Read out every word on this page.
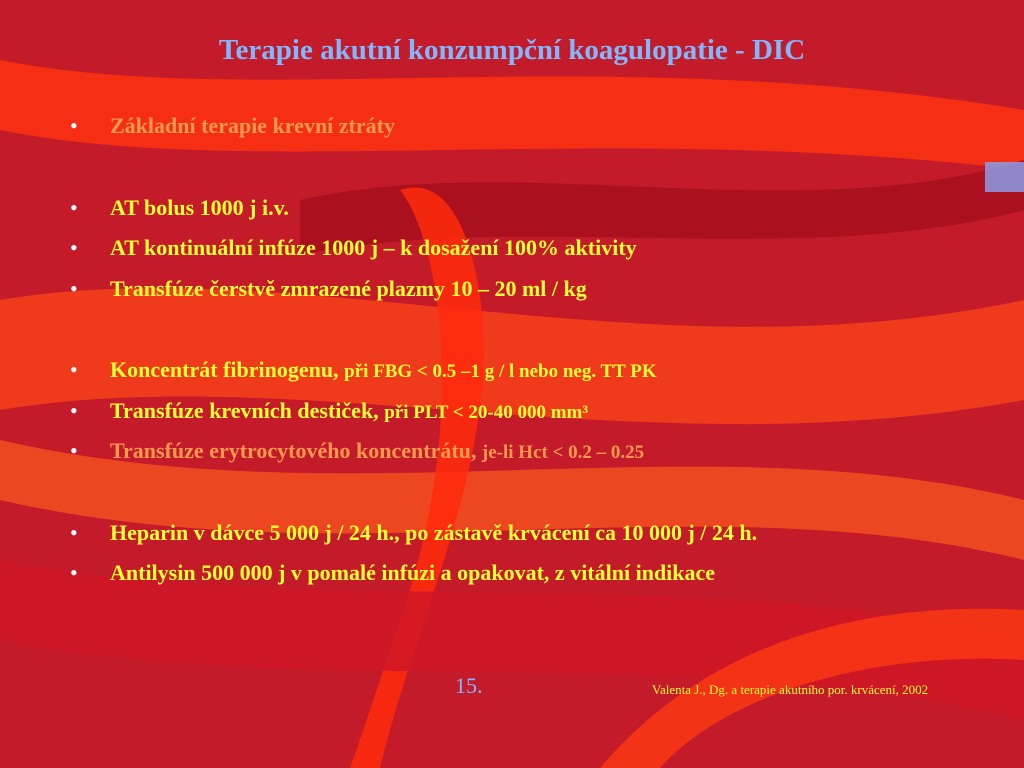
Terapie akutní konzumpční koagulopatie - DIC
• Základní terapie krevní ztráty
• AT bolus 1000 j i.v.
• AT kontinuální infúze 1000 j – k dosažení 100% aktivity
• Transfúze čerstvě zmrazené plazmy 10 – 20 ml / kg
• Koncentrát fibrinogenu, při FBG < 0.5 –1 g / l nebo neg. TT PK
• Transfúze krevních destiček, při PLT < 20-40 000 mm³
• Transfúze erytrocytového koncentrátu, je-li Hct < 0.2 – 0.25
• Heparin v dávce 5 000 j / 24 h., po zástavě krvácení ca 10 000 j / 24 h.
• Antilysin 500 000 j v pomalé infúzi a opakovat, z vitální indikace
15.	Valenta J., Dg. a terapie akutního por. krvácení, 2002
